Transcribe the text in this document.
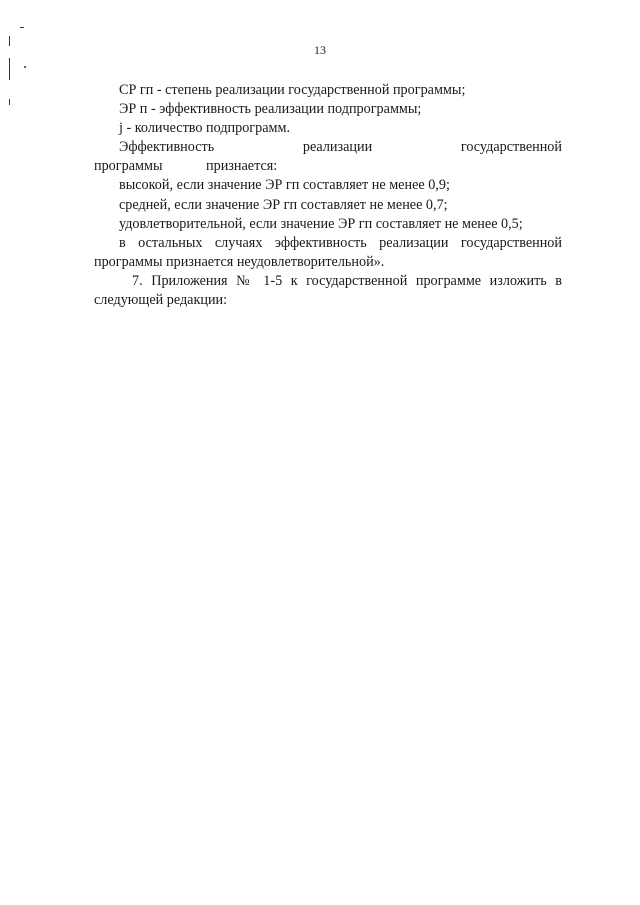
13

СР гп - степень реализации государственной программы;

ЭР п - эффективность реализации подпрограммы;

j - количество подпрограмм.

Эффективность реализации государственной программы признается:

высокой, если значение ЭР гп составляет не менее 0,9;

средней, если значение ЭР гп составляет не менее 0,7;

удовлетворительной, если значение ЭР гп составляет не менее 0,5;

в остальных случаях эффективность реализации государственной программы признается неудовлетворительной».

7. Приложения № 1-5 к государственной программе изложить в следующей редакции:
